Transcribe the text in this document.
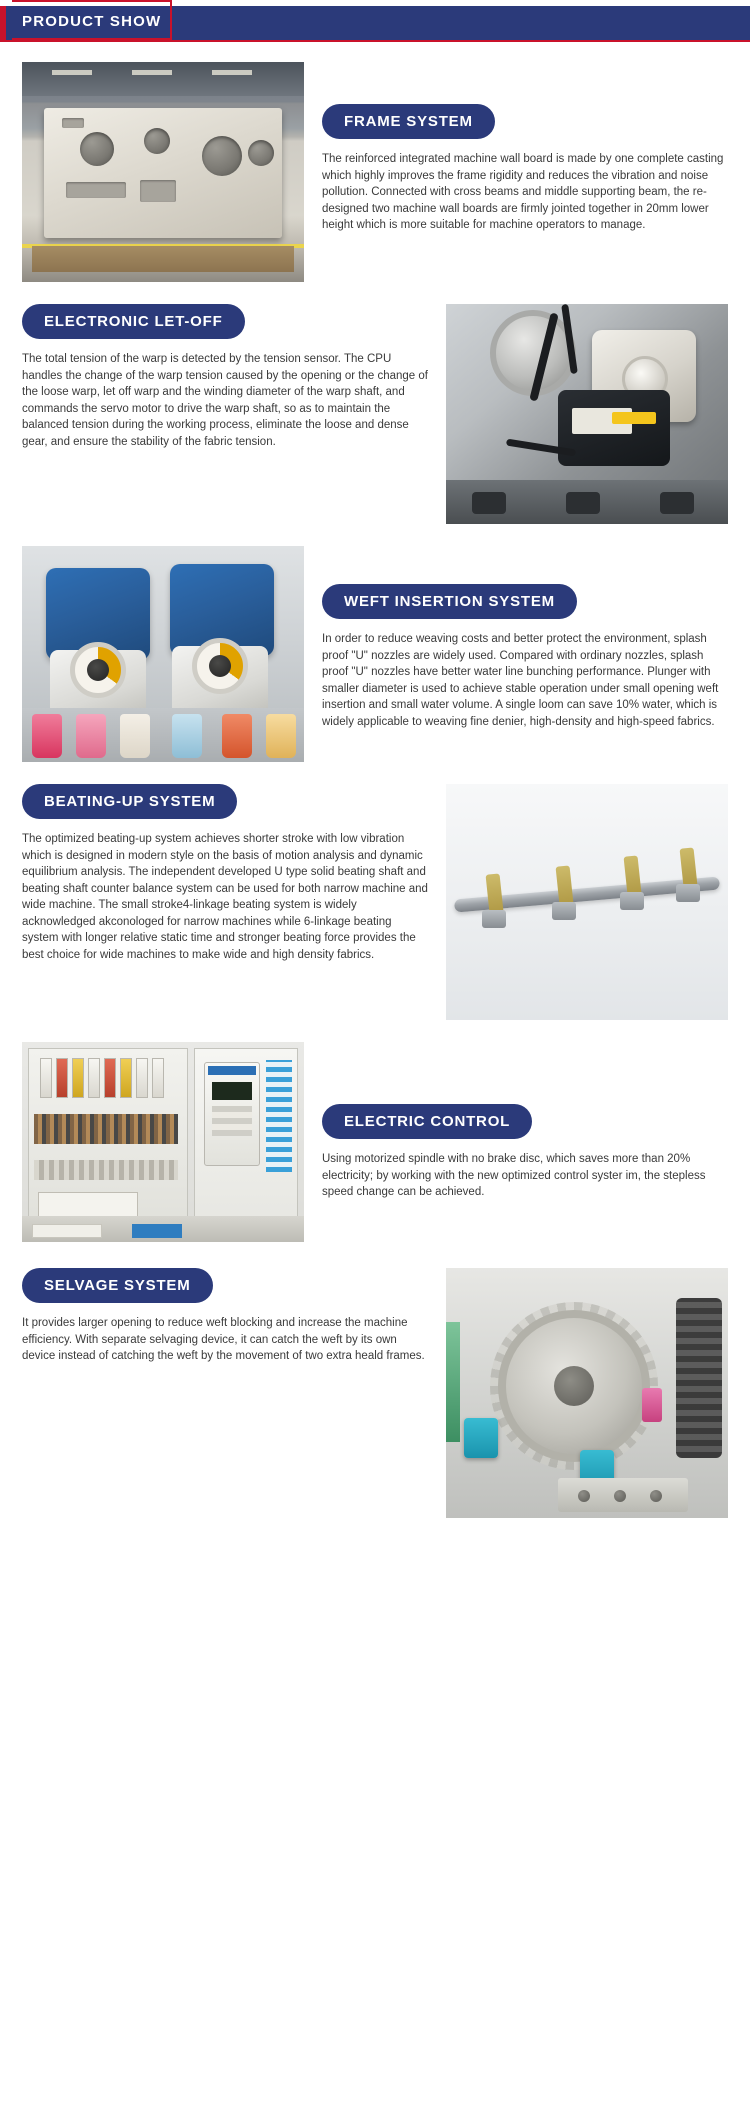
PRODUCT SHOW
FRAME SYSTEM
The reinforced integrated machine wall board is made by one complete casting which highly improves the frame rigidity and reduces the vibration and noise pollution. Connected with cross beams and middle supporting beam, the re-designed two machine wall boards are firmly jointed together in 20mm lower height which is more suitable for machine operators to manage.
ELECTRONIC LET-OFF
The total tension of the warp is detected by the tension sensor. The CPU handles the change of the warp tension caused by the opening or the change of the loose warp, let off warp and the winding diameter of the warp shaft, and commands the servo motor to drive the warp shaft, so as to maintain the balanced tension during the working process, eliminate the loose and dense gear, and ensure the stability of the fabric tension.
WEFT INSERTION SYSTEM
In order to reduce weaving costs and better protect the environment, splash proof "U" nozzles are widely used. Compared with ordinary nozzles, splash proof "U" nozzles have better water line bunching performance. Plunger with smaller diameter is used to achieve stable operation under small opening weft insertion and small water volume. A single loom can save 10% water, which is widely applicable to weaving fine denier, high-density and high-speed fabrics.
BEATING-UP SYSTEM
The optimized beating-up system achieves shorter stroke with low vibration which is designed in modern style on the basis of motion analysis and dynamic equilibrium analysis. The independent developed U type solid beating shaft and beating shaft counter balance system can be used for both narrow machine and wide machine. The small stroke4-linkage beating system is widely acknowledged akconologed for narrow machines while 6-linkage beating system with longer relative static time and stronger beating force provides the best choice for wide machines to make wide and high density fabrics.
ELECTRIC CONTROL
Using motorized spindle with no brake disc, which saves more than 20% electricity; by working with the new optimized control syster im, the stepless speed change can be achieved.
SELVAGE SYSTEM
It provides larger opening to reduce weft blocking and increase the machine efficiency. With separate selvaging device, it can catch the weft by its own device instead of catching the weft by the movement of two extra heald frames.
